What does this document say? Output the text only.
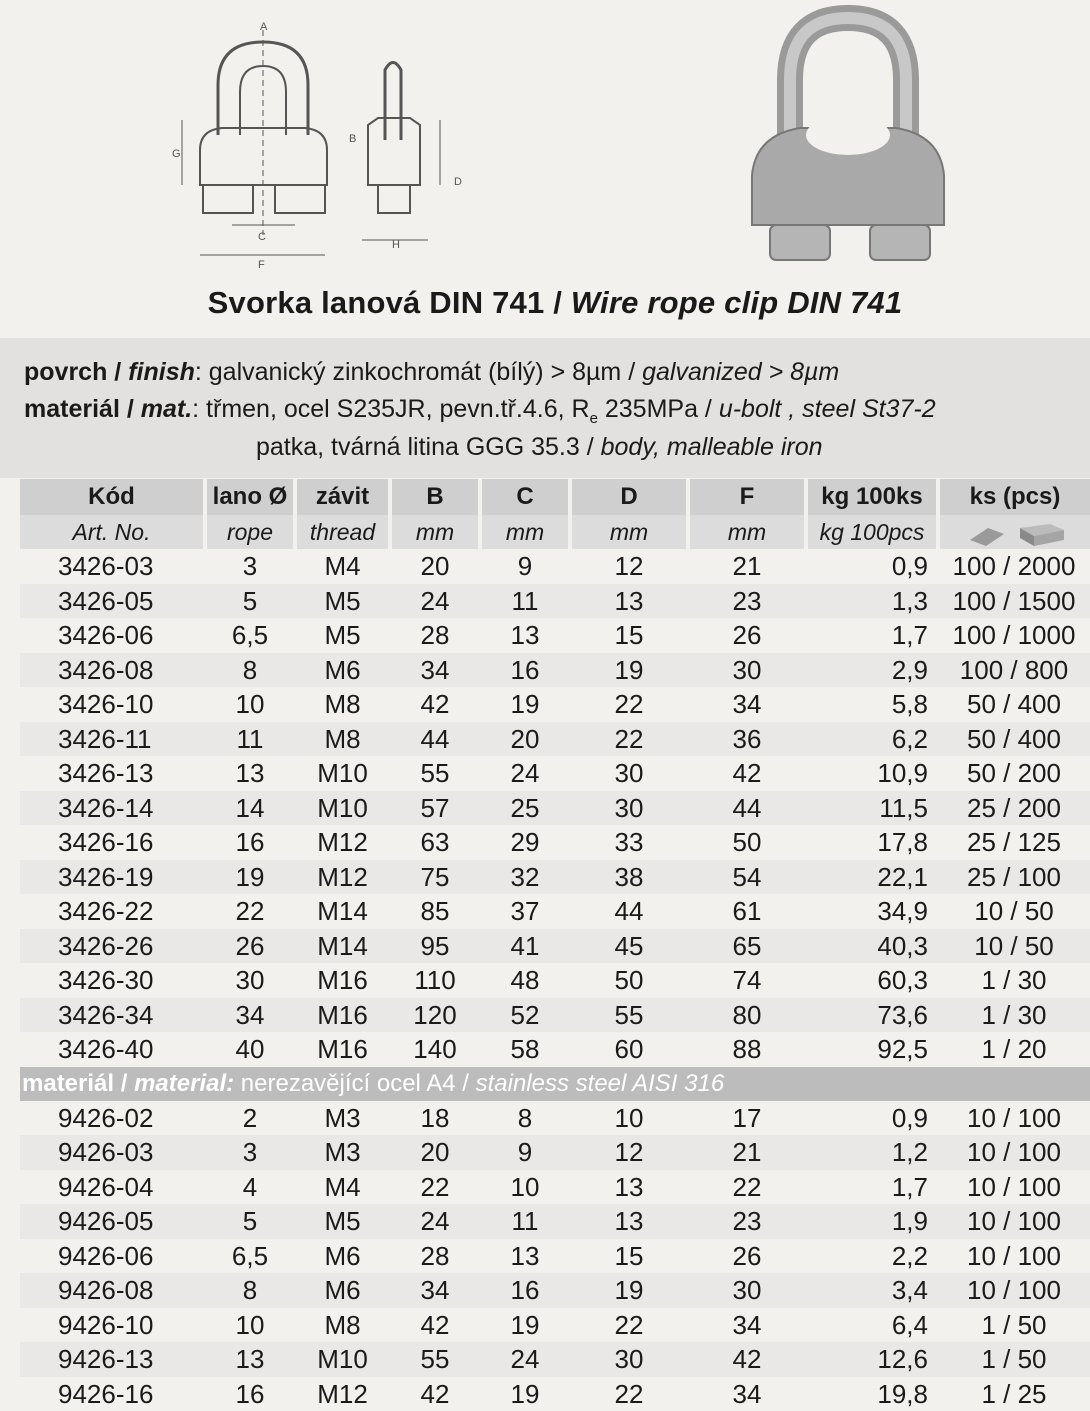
A
B
C
D
F
G
H
Svorka lanová DIN 741 / Wire rope clip DIN 741
povrch / finish: galvanický zinkochromát (bílý) > 8µm / galvanized > 8µm
materiál / mat.: třmen, ocel S235JR, pevn.tř.4.6, $R_e$ 235MPa / u-bolt , steel St37-2
patka, tvárná litina GGG 35.3 / body, malleable iron
Kód	lano Ø	závit	B	C	D	F	kg 100ks	ks (pcs)
Art. No.	rope	thread	mm	mm	mm	mm	kg 100pcs	
3426-03	3	M4	20	9	12	21	0,9	100 / 2000
3426-05	5	M5	24	11	13	23	1,3	100 / 1500
3426-06	6,5	M5	28	13	15	26	1,7	100 / 1000
3426-08	8	M6	34	16	19	30	2,9	100 / 800
3426-10	10	M8	42	19	22	34	5,8	50 / 400
3426-11	11	M8	44	20	22	36	6,2	50 / 400
3426-13	13	M10	55	24	30	42	10,9	50 / 200
3426-14	14	M10	57	25	30	44	11,5	25 / 200
3426-16	16	M12	63	29	33	50	17,8	25 / 125
3426-19	19	M12	75	32	38	54	22,1	25 / 100
3426-22	22	M14	85	37	44	61	34,9	10 / 50
3426-26	26	M14	95	41	45	65	40,3	10 / 50
3426-30	30	M16	110	48	50	74	60,3	1 / 30
3426-34	34	M16	120	52	55	80	73,6	1 / 30
3426-40	40	M16	140	58	60	88	92,5	1 / 20
materiál / material: nerezavějící ocel A4 / stainless steel AISI 316								
9426-02	2	M3	18	8	10	17	0,9	10 / 100
9426-03	3	M3	20	9	12	21	1,2	10 / 100
9426-04	4	M4	22	10	13	22	1,7	10 / 100
9426-05	5	M5	24	11	13	23	1,9	10 / 100
9426-06	6,5	M6	28	13	15	26	2,2	10 / 100
9426-08	8	M6	34	16	19	30	3,4	10 / 100
9426-10	10	M8	42	19	22	34	6,4	1 / 50
9426-13	13	M10	55	24	30	42	12,6	1 / 50
9426-16	16	M12	42	19	22	34	19,8	1 / 25
